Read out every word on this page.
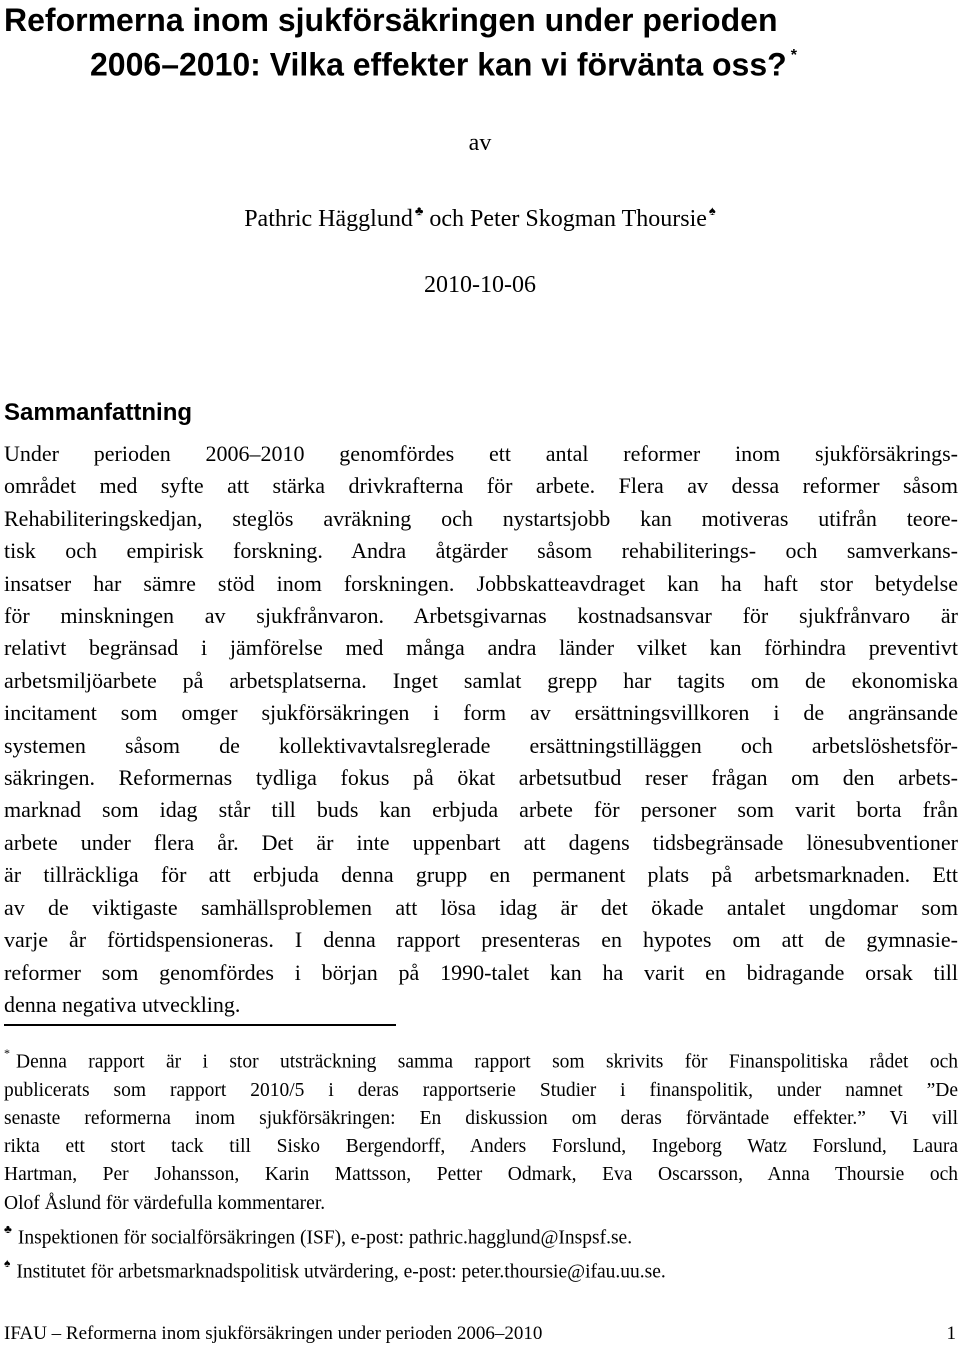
Reformerna inom sjukförsäkringen under perioden
2006–2010: Vilka effekter kan vi förvänta oss? *
av
Pathric Hägglund ♣ och Peter Skogman Thoursie ♠
2010-10-06
Sammanfattning
Under perioden 2006–2010 genomfördes ett antal reformer inom sjukförsäkrings-
området med syfte att stärka drivkrafterna för arbete. Flera av dessa reformer såsom
Rehabiliteringskedjan, steglös avräkning och nystartsjobb kan motiveras utifrån teore-
tisk och empirisk forskning. Andra åtgärder såsom rehabiliterings- och samverkans-
insatser har sämre stöd inom forskningen. Jobbskatteavdraget kan ha haft stor betydelse
för minskningen av sjukfrånvaron. Arbetsgivarnas kostnadsansvar för sjukfrånvaro är
relativt begränsad i jämförelse med många andra länder vilket kan förhindra preventivt
arbetsmiljöarbete på arbetsplatserna. Inget samlat grepp har tagits om de ekonomiska
incitament som omger sjukförsäkringen i form av ersättningsvillkoren i de angränsande
systemen såsom de kollektivavtalsreglerade ersättningstilläggen och arbetslöshetsför-
säkringen. Reformernas tydliga fokus på ökat arbetsutbud reser frågan om den arbets-
marknad som idag står till buds kan erbjuda arbete för personer som varit borta från
arbete under flera år. Det är inte uppenbart att dagens tidsbegränsade lönesubventioner
är tillräckliga för att erbjuda denna grupp en permanent plats på arbetsmarknaden. Ett
av de viktigaste samhällsproblemen att lösa idag är det ökade antalet ungdomar som
varje år förtidspensioneras. I denna rapport presenteras en hypotes om att de gymnasie-
reformer som genomfördes i början på 1990-talet kan ha varit en bidragande orsak till
denna negativa utveckling.
* Denna rapport är i stor utsträckning samma rapport som skrivits för Finanspolitiska rådet och
publicerats som rapport 2010/5 i deras rapportserie Studier i finanspolitik, under namnet ”De
senaste reformerna inom sjukförsäkringen: En diskussion om deras förväntade effekter.” Vi vill
rikta ett stort tack till Sisko Bergendorff, Anders Forslund, Ingeborg Watz Forslund, Laura
Hartman, Per Johansson, Karin Mattsson, Petter Odmark, Eva Oscarsson, Anna Thoursie och
Olof Åslund för värdefulla kommentarer.
♣ Inspektionen för socialförsäkringen (ISF), e-post: pathric.hagglund@Inspsf.se.
♠ Institutet för arbetsmarknadspolitisk utvärdering, e-post: peter.thoursie@ifau.uu.se.
IFAU – Reformerna inom sjukförsäkringen under perioden 2006–2010	1
